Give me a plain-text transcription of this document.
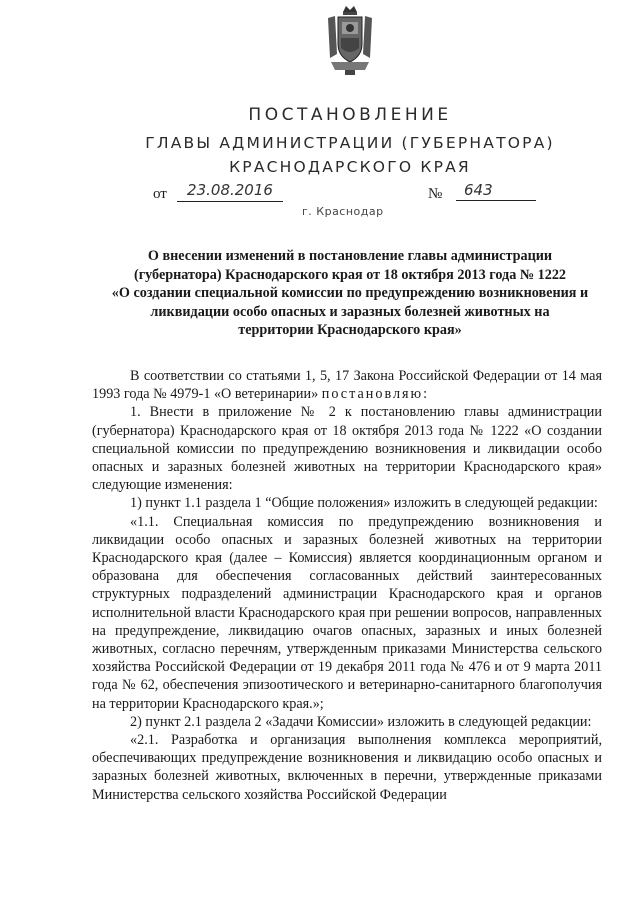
ПОСТАНОВЛЕНИЕ
ГЛАВЫ АДМИНИСТРАЦИИ (ГУБЕРНАТОРА)
КРАСНОДАРСКОГО КРАЯ
от	23.08.2016	№	643
г. Краснодар
О внесении изменений в постановление главы администрации
(губернатора) Краснодарского края от 18 октября 2013 года № 1222
«О создании специальной комиссии по предупреждению возникновения и
ликвидации особо опасных и заразных болезней животных на
территории Краснодарского края»

В соответствии со статьями 1, 5, 17 Закона Российской Федерации от 14 мая 1993 года № 4979-1 «О ветеринарии» постановляю:

1. Внести в приложение № 2 к постановлению главы администрации (губернатора) Краснодарского края от 18 октября 2013 года № 1222 «О создании специальной комиссии по предупреждению возникновения и ликвидации особо опасных и заразных болезней животных на территории Краснодарского края» следующие изменения:

1) пункт 1.1 раздела 1 “Общие положения» изложить в следующей редакции:

«1.1. Специальная комиссия по предупреждению возникновения и ликвидации особо опасных и заразных болезней животных на территории Краснодарского края (далее – Комиссия) является координационным органом и образована для обеспечения согласованных действий заинтересованных структурных подразделений администрации Краснодарского края и органов исполнительной власти Краснодарского края при решении вопросов, направленных на предупреждение, ликвидацию очагов опасных, заразных и иных болезней животных, согласно перечням, утвержденным приказами Министерства сельского хозяйства Российской Федерации от 19 декабря 2011 года № 476 и от 9 марта 2011 года № 62, обеспечения эпизоотического и ветеринарно-санитарного благополучия на территории Краснодарского края.»;

2) пункт 2.1 раздела 2 «Задачи Комиссии» изложить в следующей редакции:

«2.1. Разработка и организация выполнения комплекса мероприятий, обеспечивающих предупреждение возникновения и ликвидацию особо опасных и заразных болезней животных, включенных в перечни, утвержденные приказами Министерства сельского хозяйства Российской Федерации
